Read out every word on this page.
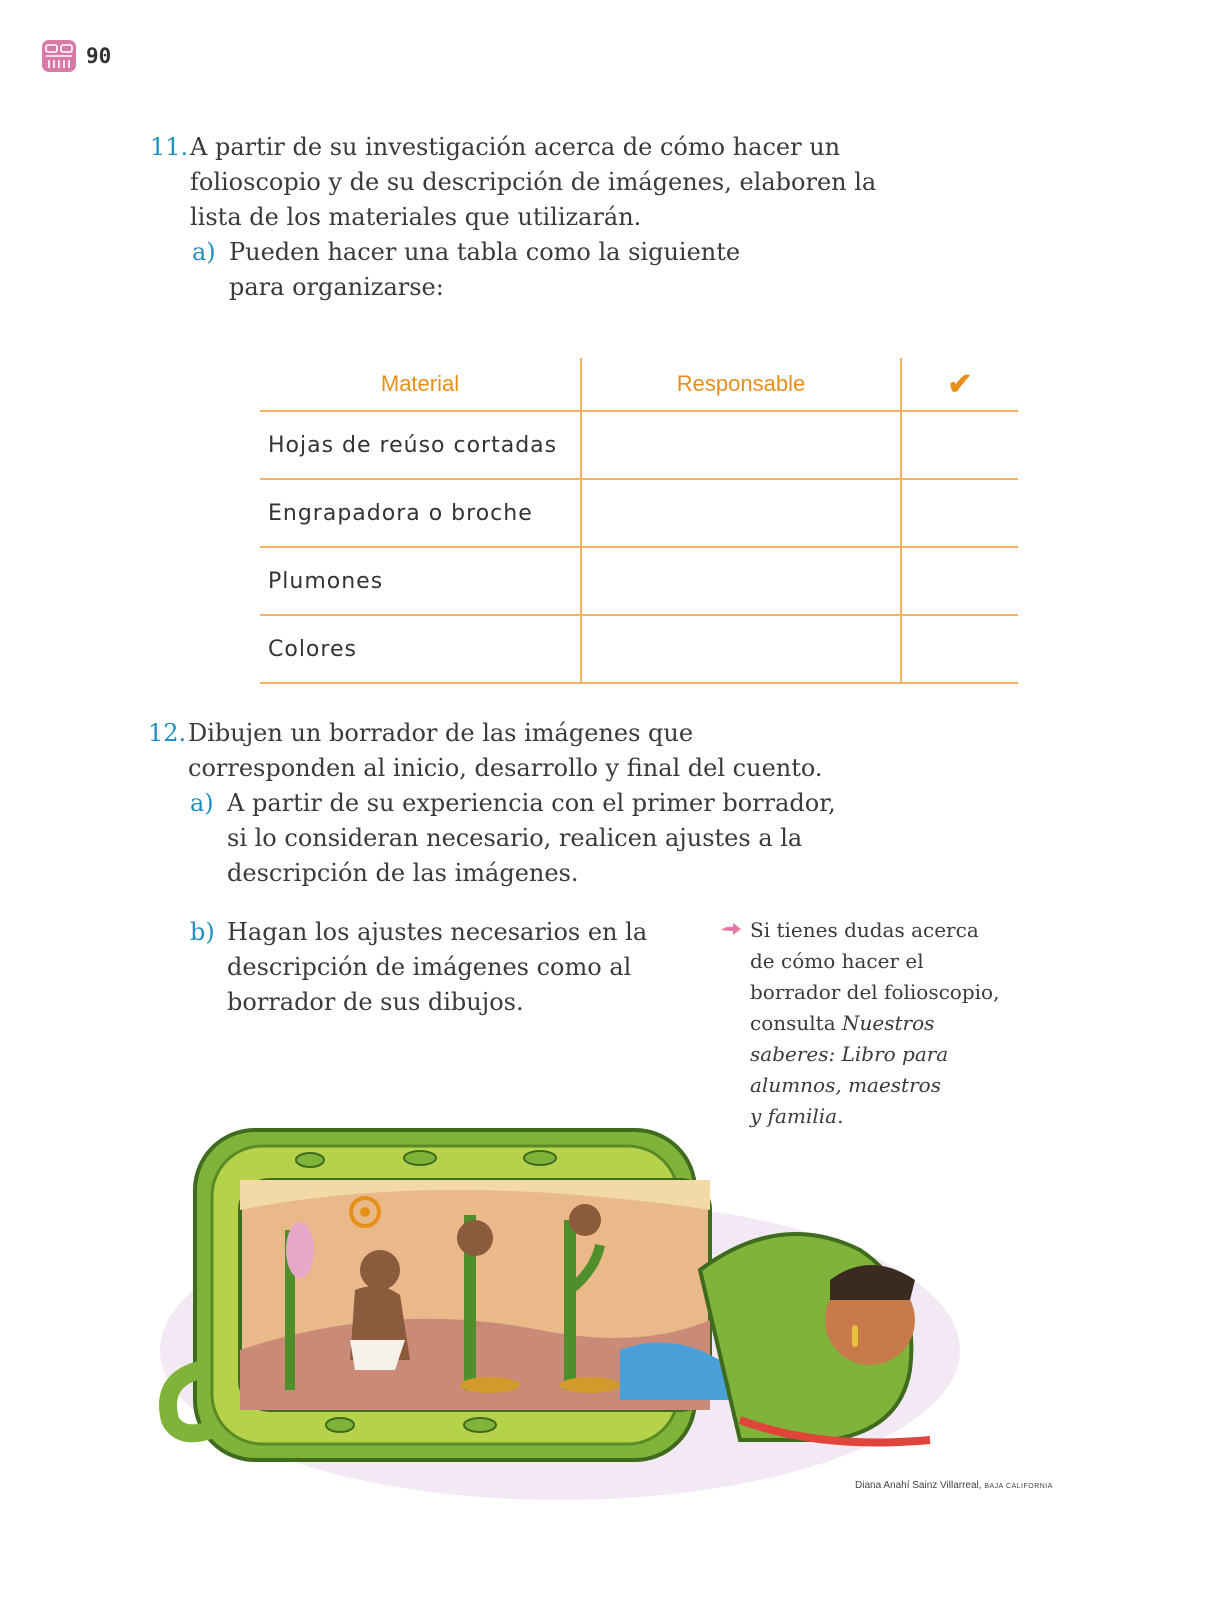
90
11. A partir de su investigación acerca de cómo hacer un
folioscopio y de su descripción de imágenes, elaboren la
lista de los materiales que utilizarán.
a) Pueden hacer una tabla como la siguiente
para organizarse:
Material	Responsable	✔
Hojas de reúso cortadas		
Engrapadora o broche		
Plumones		
Colores		
12. Dibujen un borrador de las imágenes que
corresponden al inicio, desarrollo y final del cuento.
a) A partir de su experiencia con el primer borrador,
si lo consideran necesario, realicen ajustes a la
descripción de las imágenes.
b) Hagan los ajustes necesarios en la
descripción de imágenes como al
borrador de sus dibujos.
Si tienes dudas acerca
de cómo hacer el
borrador del folioscopio,
consulta Nuestros
saberes: Libro para
alumnos, maestros
y familia.
Diana Anahí Sainz Villarreal, BAJA CALIFORNIA
